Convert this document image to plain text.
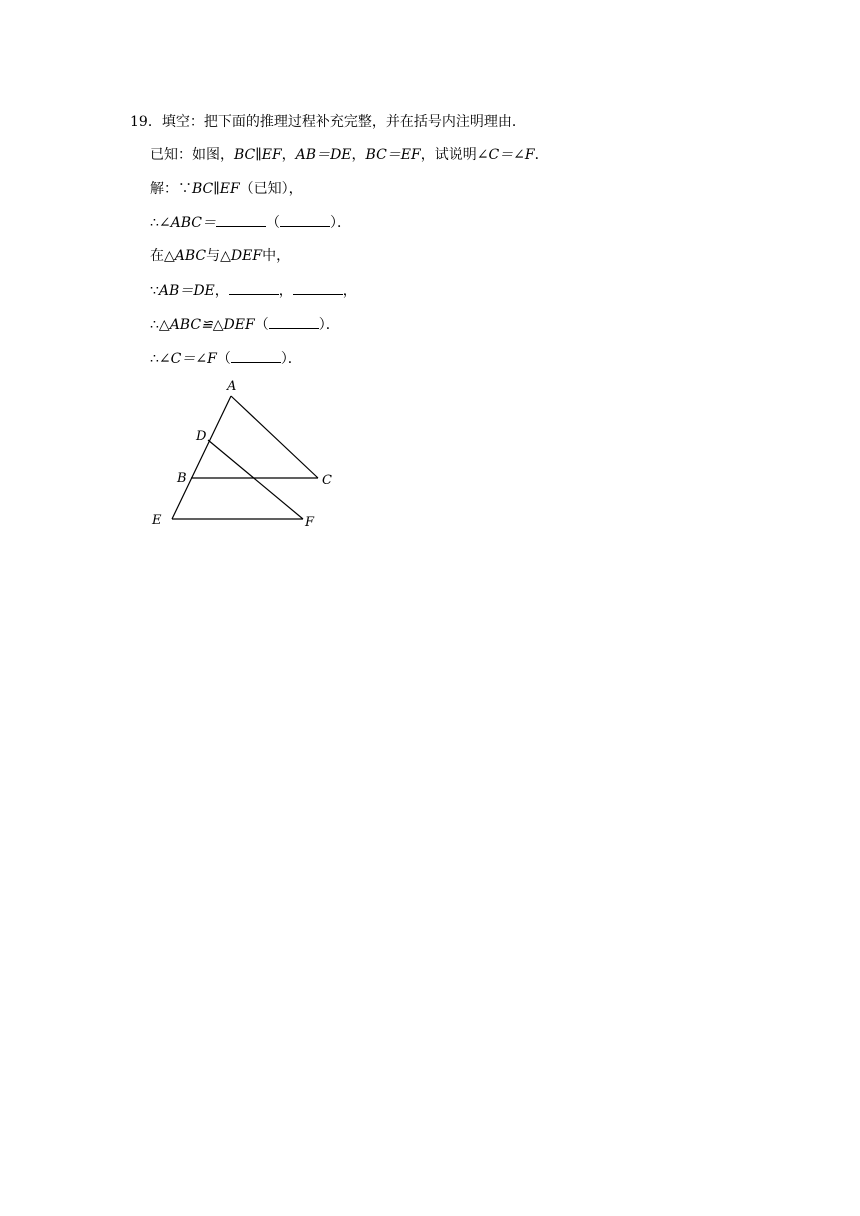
19．填空：把下面的推理过程补充完整，并在括号内注明理由．
已知：如图，BC∥EF，AB＝DE，BC＝EF，试说明∠C＝∠F．
解：∵BC∥EF（已知），
∴∠ABC＝	（	）．
在△ABC与△DEF中，
∵AB＝DE，	，	，
∴△ABC≌△DEF（	）．
∴∠C＝∠F（	）．
A
D
B	C
E	F
